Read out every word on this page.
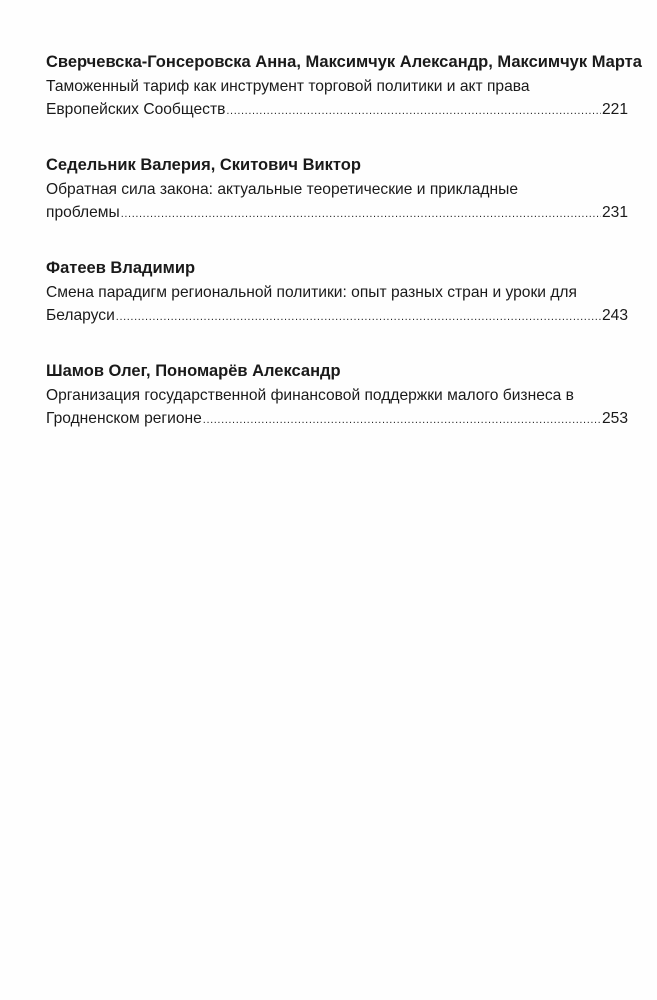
Сверчевска-Гонсеровска Анна, Максимчук Александр, Максимчук Марта
Таможенный тариф как инструмент торговой политики и акт права
Европейских Сообществ .....	221
Седельник Валерия, Скитович Виктор
Обратная сила закона: актуальные теоретические и прикладные
проблемы .....	231
Фатеев Владимир
Смена парадигм региональной политики: опыт разных стран и уроки для
Беларуси .....	243
Шамов Олег, Пономарёв Александр
Организация государственной финансовой поддержки малого бизнеса в
Гродненском регионе .....	253
